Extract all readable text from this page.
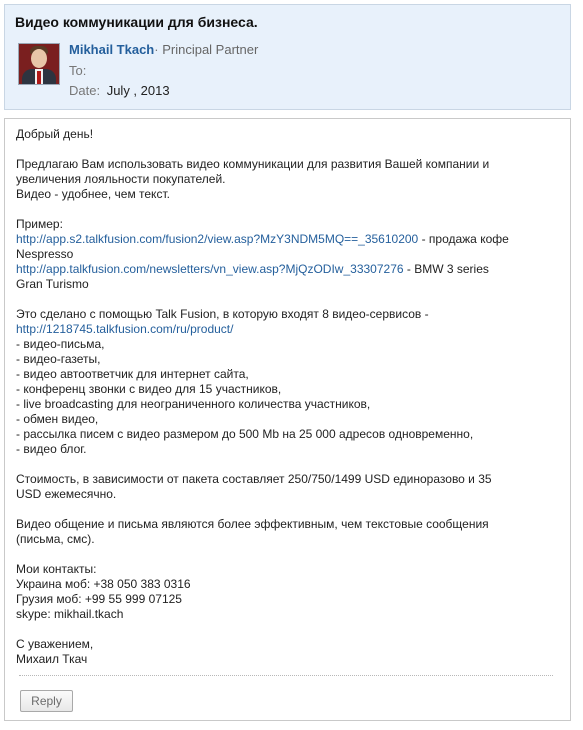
Видео коммуникации для бизнеса.
Mikhail Tkach· Principal Partner
To:
Date: July , 2013

Добрый день!

Предлагаю Вам использовать видео коммуникации для развития Вашей компании и
увеличения лояльности покупателей.
Видео - удобнее, чем текст.

Пример:
http://app.s2.talkfusion.com/fusion2/view.asp?MzY3NDM5MQ==_35610200 - продажа кофе
Nespresso
http://app.talkfusion.com/newsletters/vn_view.asp?MjQzODIw_33307276 - BMW 3 series
Gran Turismo

Это сделано с помощью Talk Fusion, в которую входят 8 видео-сервисов -
http://1218745.talkfusion.com/ru/product/
- видео-письма,
- видео-газеты,
- видео автоответчик для интернет сайта,
- конференц звонки с видео для 15 участников,
- live broadcasting для неограниченного количества участников,
- обмен видео,
- рассылка писем с видео размером до 500 Mb на 25 000 адресов одновременно,
- видео блог.

Стоимость, в зависимости от пакета составляет 250/750/1499 USD единоразово и 35
USD ежемесячно.

Видео общение и письма являются более эффективным, чем текстовые сообщения
(письма, смс).

Мои контакты:
Украина моб: +38 050 383 0316
Грузия моб: +99 55 999 07125
skype: mikhail.tkach

С уважением,
Михаил Ткач

Reply
